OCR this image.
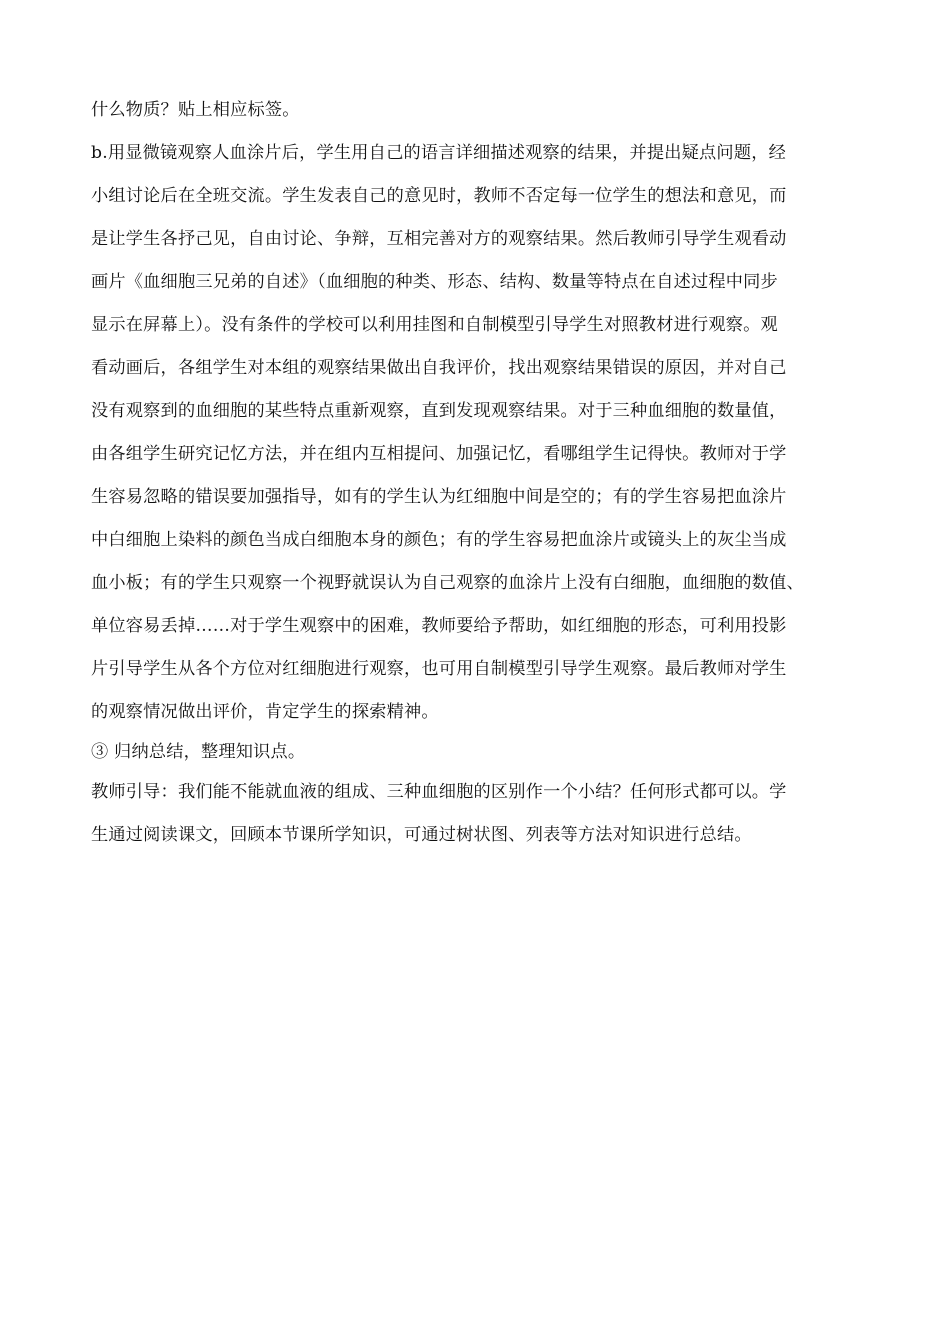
什么物质？贴上相应标签。
b.用显微镜观察人血涂片后，学生用自己的语言详细描述观察的结果，并提出疑点问题，经
小组讨论后在全班交流。学生发表自己的意见时，教师不否定每一位学生的想法和意见，而
是让学生各抒己见，自由讨论、争辩，互相完善对方的观察结果。然后教师引导学生观看动
画片《血细胞三兄弟的自述》（血细胞的种类、形态、结构、数量等特点在自述过程中同步
显示在屏幕上）。没有条件的学校可以利用挂图和自制模型引导学生对照教材进行观察。观
看动画后，各组学生对本组的观察结果做出自我评价，找出观察结果错误的原因，并对自己
没有观察到的血细胞的某些特点重新观察，直到发现观察结果。对于三种血细胞的数量值，
由各组学生研究记忆方法，并在组内互相提问、加强记忆，看哪组学生记得快。教师对于学
生容易忽略的错误要加强指导，如有的学生认为红细胞中间是空的；有的学生容易把血涂片
中白细胞上染料的颜色当成白细胞本身的颜色；有的学生容易把血涂片或镜头上的灰尘当成
血小板；有的学生只观察一个视野就误认为自己观察的血涂片上没有白细胞，血细胞的数值、
单位容易丢掉……对于学生观察中的困难，教师要给予帮助，如红细胞的形态，可利用投影
片引导学生从各个方位对红细胞进行观察，也可用自制模型引导学生观察。最后教师对学生
的观察情况做出评价，肯定学生的探索精神。
③ 归纳总结，整理知识点。
教师引导：我们能不能就血液的组成、三种血细胞的区别作一个小结？任何形式都可以。学
生通过阅读课文，回顾本节课所学知识，可通过树状图、列表等方法对知识进行总结。
